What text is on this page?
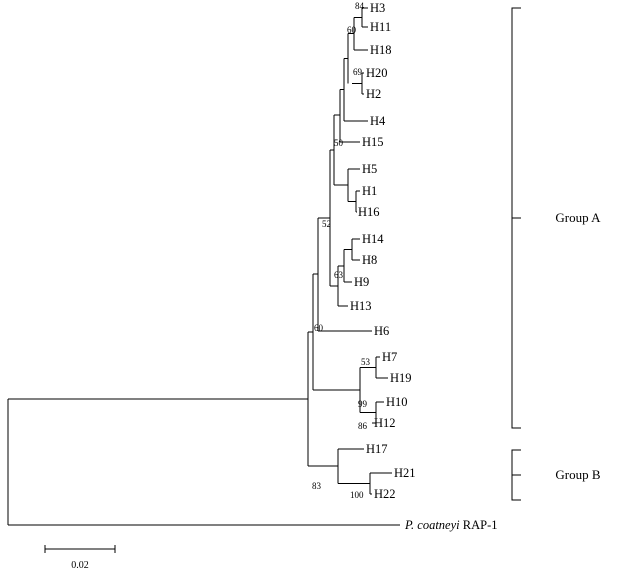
H3
H11
H18
H20
H2
H4
H15
H5
H1
H16
H14
H8
H9
H13
H6
H7
H19
H10
H12
H17
H21
H22
84
60
69
50
52
63
60
53
99
86
83
100
Group A
Group B
P. coatneyi RAP-1
0.02
